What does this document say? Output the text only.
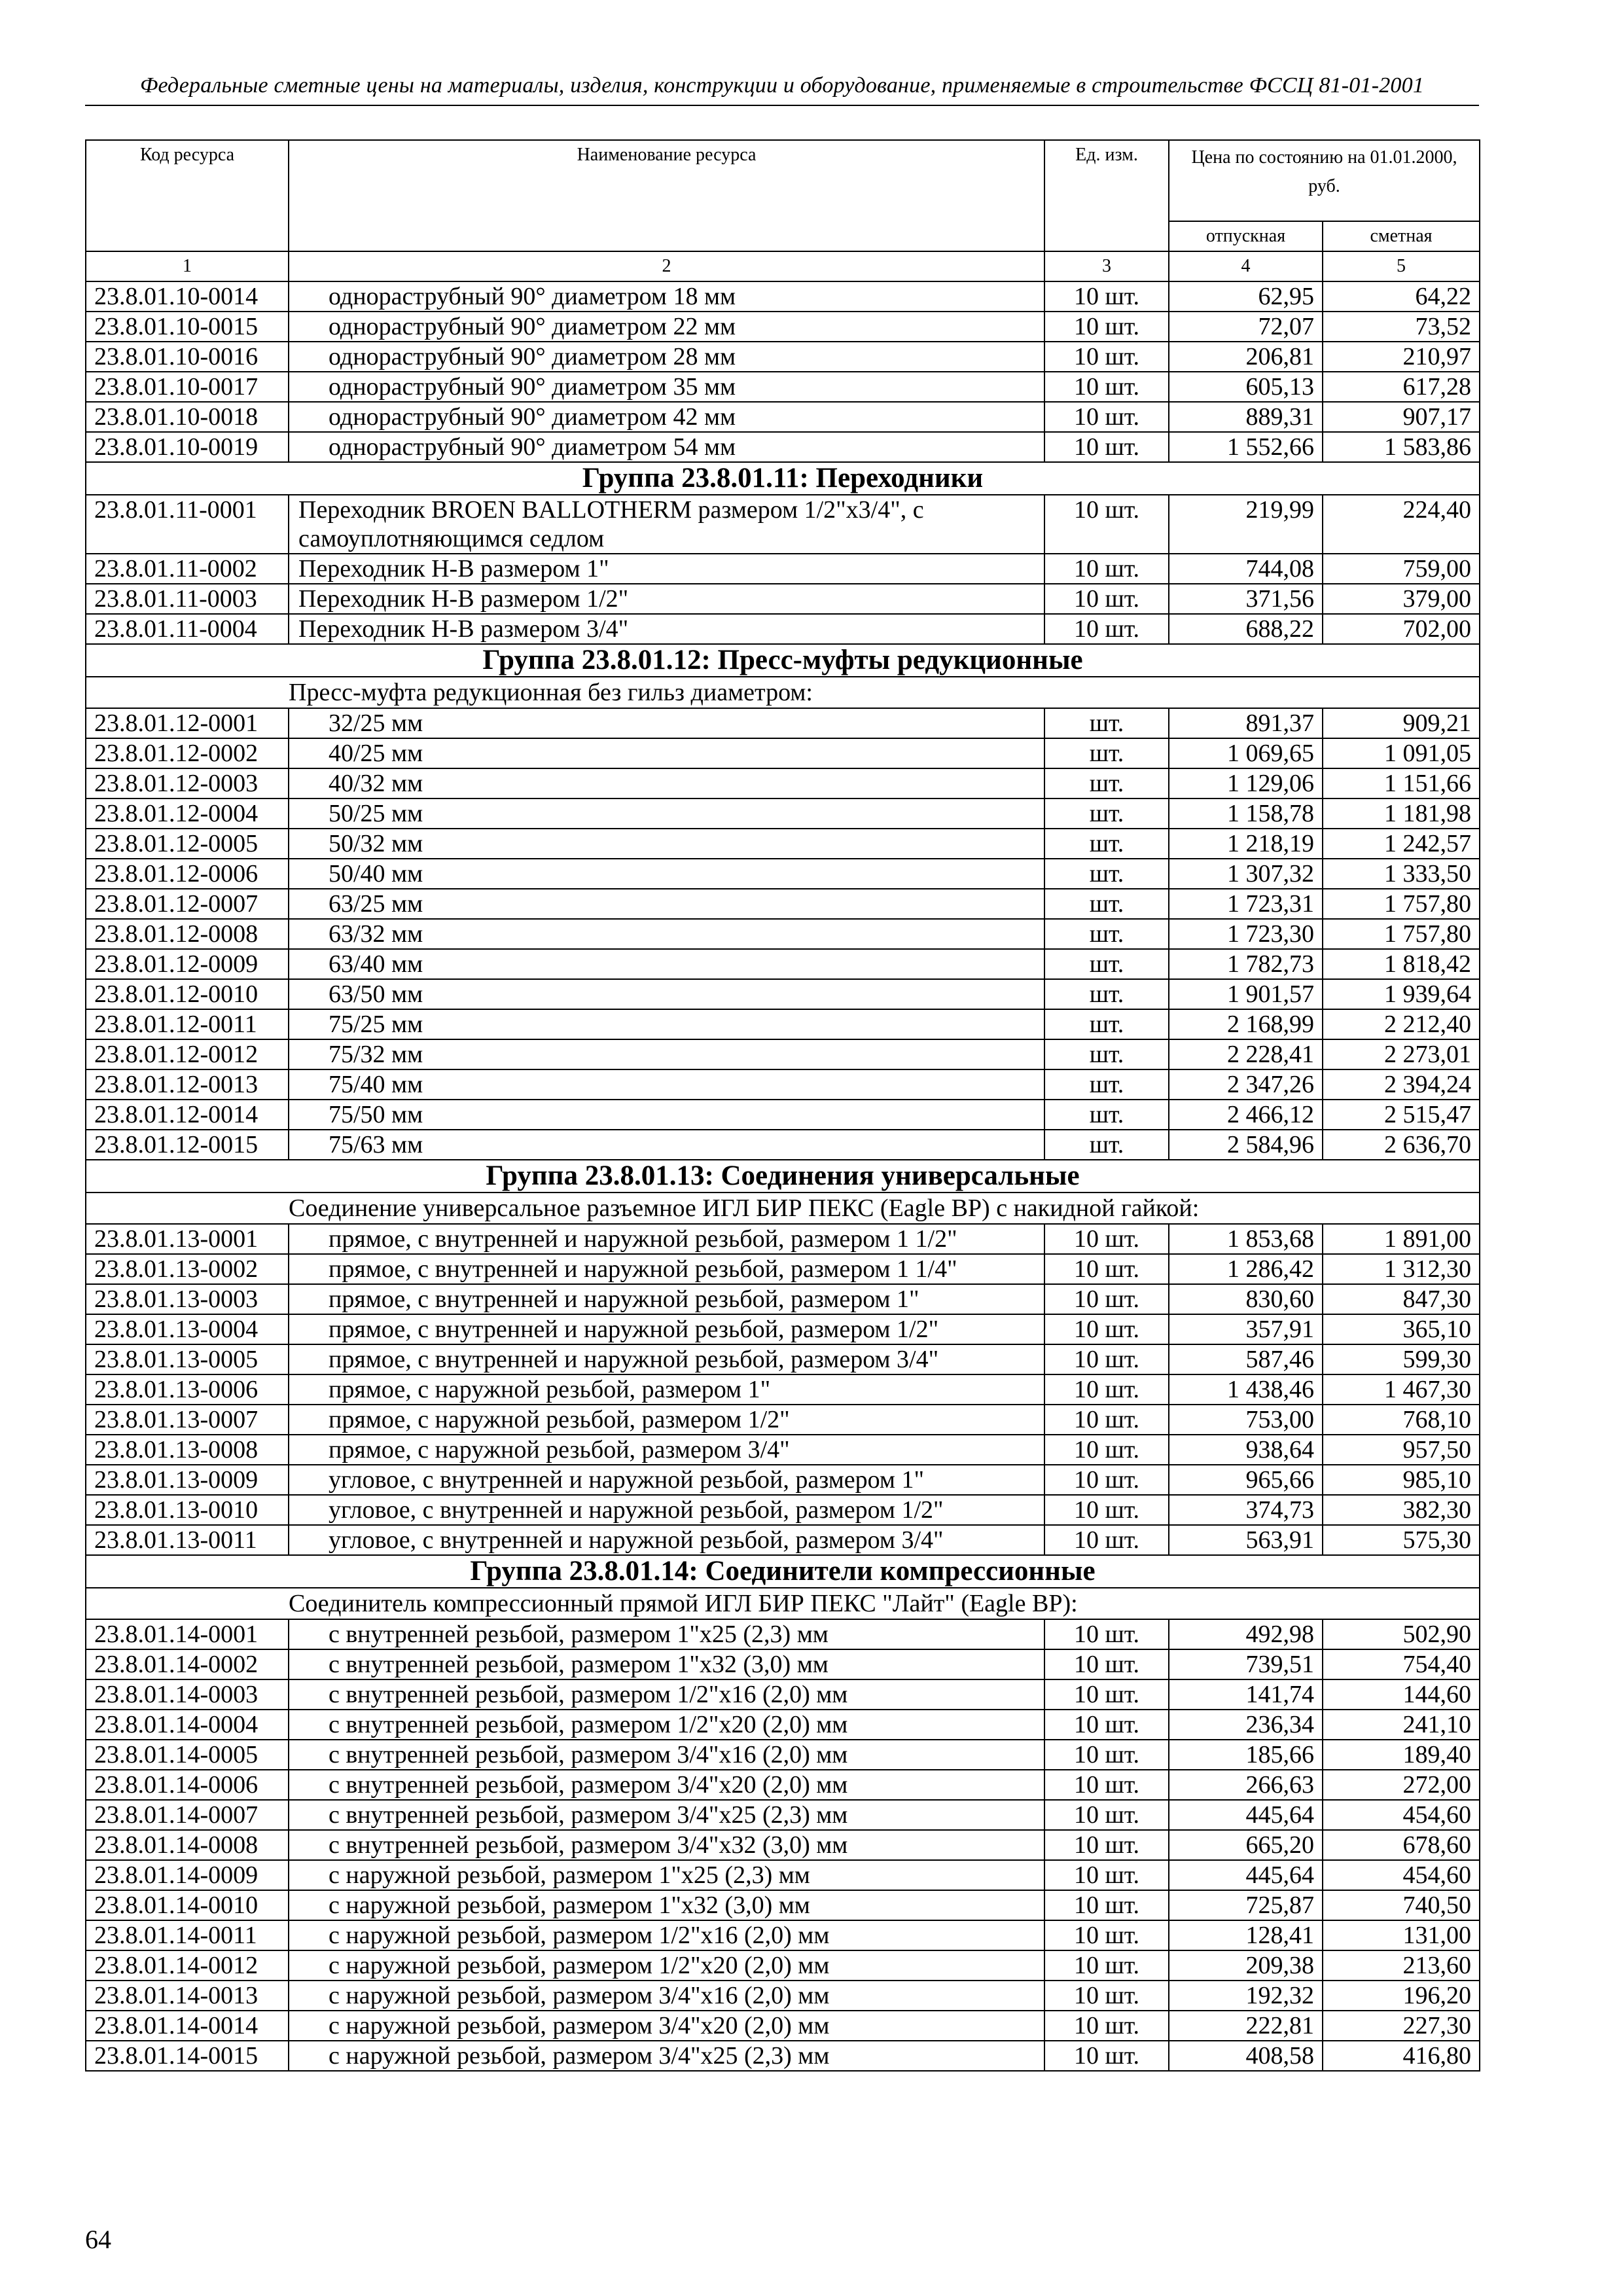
Федеральные сметные цены на материалы, изделия, конструкции и оборудование, применяемые в строительстве ФССЦ 81-01-2001
Код ресурса	Наименование ресурса	Ед. изм.	Цена по состоянию на 01.01.2000, руб.	
			отпускная	сметная
1	2	3	4	5
23.8.01.10-0014	однораструбный 90° диаметром 18 мм	10 шт.	62,95	64,22
23.8.01.10-0015	однораструбный 90° диаметром 22 мм	10 шт.	72,07	73,52
23.8.01.10-0016	однораструбный 90° диаметром 28 мм	10 шт.	206,81	210,97
23.8.01.10-0017	однораструбный 90° диаметром 35 мм	10 шт.	605,13	617,28
23.8.01.10-0018	однораструбный 90° диаметром 42 мм	10 шт.	889,31	907,17
23.8.01.10-0019	однораструбный 90° диаметром 54 мм	10 шт.	1 552,66	1 583,86
Группа 23.8.01.11: Переходники				
23.8.01.11-0001	Переходник BROEN BALLOTHERM размером 1/2"х3/4", с самоуплотняющимся седлом	10 шт.	219,99	224,40
23.8.01.11-0002	Переходник Н-В размером 1"	10 шт.	744,08	759,00
23.8.01.11-0003	Переходник Н-В размером 1/2"	10 шт.	371,56	379,00
23.8.01.11-0004	Переходник Н-В размером 3/4"	10 шт.	688,22	702,00
Группа 23.8.01.12: Пресс-муфты редукционные				
	Пресс-муфта редукционная без гильз диаметром:			
23.8.01.12-0001	32/25 мм	шт.	891,37	909,21
23.8.01.12-0002	40/25 мм	шт.	1 069,65	1 091,05
23.8.01.12-0003	40/32 мм	шт.	1 129,06	1 151,66
23.8.01.12-0004	50/25 мм	шт.	1 158,78	1 181,98
23.8.01.12-0005	50/32 мм	шт.	1 218,19	1 242,57
23.8.01.12-0006	50/40 мм	шт.	1 307,32	1 333,50
23.8.01.12-0007	63/25 мм	шт.	1 723,31	1 757,80
23.8.01.12-0008	63/32 мм	шт.	1 723,30	1 757,80
23.8.01.12-0009	63/40 мм	шт.	1 782,73	1 818,42
23.8.01.12-0010	63/50 мм	шт.	1 901,57	1 939,64
23.8.01.12-0011	75/25 мм	шт.	2 168,99	2 212,40
23.8.01.12-0012	75/32 мм	шт.	2 228,41	2 273,01
23.8.01.12-0013	75/40 мм	шт.	2 347,26	2 394,24
23.8.01.12-0014	75/50 мм	шт.	2 466,12	2 515,47
23.8.01.12-0015	75/63 мм	шт.	2 584,96	2 636,70
Группа 23.8.01.13: Соединения универсальные				
	Соединение универсальное разъемное ИГЛ БИР ПЕКС (Eagle BP) с накидной гайкой:			
23.8.01.13-0001	прямое, с внутренней и наружной резьбой, размером 1 1/2"	10 шт.	1 853,68	1 891,00
23.8.01.13-0002	прямое, с внутренней и наружной резьбой, размером 1 1/4"	10 шт.	1 286,42	1 312,30
23.8.01.13-0003	прямое, с внутренней и наружной резьбой, размером 1"	10 шт.	830,60	847,30
23.8.01.13-0004	прямое, с внутренней и наружной резьбой, размером 1/2"	10 шт.	357,91	365,10
23.8.01.13-0005	прямое, с внутренней и наружной резьбой, размером 3/4"	10 шт.	587,46	599,30
23.8.01.13-0006	прямое, с наружной резьбой, размером 1"	10 шт.	1 438,46	1 467,30
23.8.01.13-0007	прямое, с наружной резьбой, размером 1/2"	10 шт.	753,00	768,10
23.8.01.13-0008	прямое, с наружной резьбой, размером 3/4"	10 шт.	938,64	957,50
23.8.01.13-0009	угловое, с внутренней и наружной резьбой, размером 1"	10 шт.	965,66	985,10
23.8.01.13-0010	угловое, с внутренней и наружной резьбой, размером 1/2"	10 шт.	374,73	382,30
23.8.01.13-0011	угловое, с внутренней и наружной резьбой, размером 3/4"	10 шт.	563,91	575,30
Группа 23.8.01.14: Соединители компрессионные				
	Соединитель компрессионный прямой ИГЛ БИР ПЕКС "Лайт" (Eagle BP):			
23.8.01.14-0001	с внутренней резьбой, размером 1"х25 (2,3) мм	10 шт.	492,98	502,90
23.8.01.14-0002	с внутренней резьбой, размером 1"х32 (3,0) мм	10 шт.	739,51	754,40
23.8.01.14-0003	с внутренней резьбой, размером 1/2"х16 (2,0) мм	10 шт.	141,74	144,60
23.8.01.14-0004	с внутренней резьбой, размером 1/2"х20 (2,0) мм	10 шт.	236,34	241,10
23.8.01.14-0005	с внутренней резьбой, размером 3/4"х16 (2,0) мм	10 шт.	185,66	189,40
23.8.01.14-0006	с внутренней резьбой, размером 3/4"х20 (2,0) мм	10 шт.	266,63	272,00
23.8.01.14-0007	с внутренней резьбой, размером 3/4"х25 (2,3) мм	10 шт.	445,64	454,60
23.8.01.14-0008	с внутренней резьбой, размером 3/4"х32 (3,0) мм	10 шт.	665,20	678,60
23.8.01.14-0009	с наружной резьбой, размером 1"х25 (2,3) мм	10 шт.	445,64	454,60
23.8.01.14-0010	с наружной резьбой, размером 1"х32 (3,0) мм	10 шт.	725,87	740,50
23.8.01.14-0011	с наружной резьбой, размером 1/2"х16 (2,0) мм	10 шт.	128,41	131,00
23.8.01.14-0012	с наружной резьбой, размером 1/2"х20 (2,0) мм	10 шт.	209,38	213,60
23.8.01.14-0013	с наружной резьбой, размером 3/4"х16 (2,0) мм	10 шт.	192,32	196,20
23.8.01.14-0014	с наружной резьбой, размером 3/4"х20 (2,0) мм	10 шт.	222,81	227,30
23.8.01.14-0015	с наружной резьбой, размером 3/4"х25 (2,3) мм	10 шт.	408,58	416,80
64
